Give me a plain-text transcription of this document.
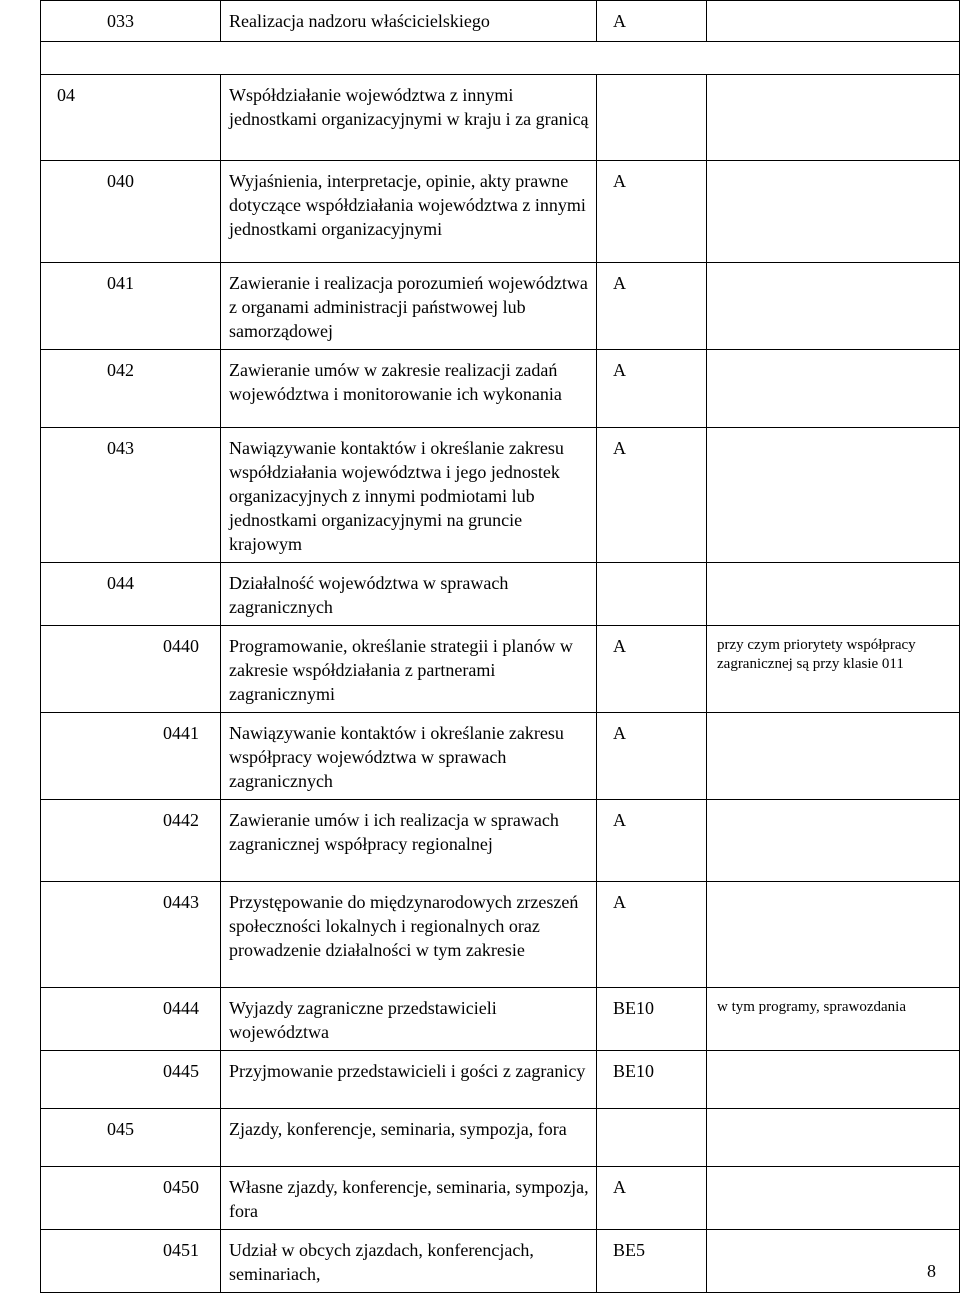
033	Realizacja nadzoru właścicielskiego	A	

04	Współdziałanie województwa z innymi jednostkami organizacyjnymi w kraju i za granicą		
040	Wyjaśnienia, interpretacje, opinie, akty prawne dotyczące współdziałania województwa z innymi jednostkami organizacyjnymi	A	
041	Zawieranie i realizacja porozumień województwa z organami administracji państwowej lub samorządowej	A	
042	Zawieranie umów w zakresie realizacji zadań województwa i monitorowanie ich wykonania	A	
043	Nawiązywanie kontaktów i określanie zakresu współdziałania województwa i jego jednostek organizacyjnych z innymi podmiotami lub jednostkami organizacyjnymi na gruncie krajowym	A	
044	Działalność województwa w sprawach zagranicznych		
0440	Programowanie, określanie strategii i planów w zakresie współdziałania z partnerami zagranicznymi	A	przy czym priorytety współpracy zagranicznej są przy klasie 011
0441	Nawiązywanie kontaktów i określanie zakresu współpracy województwa w sprawach zagranicznych	A	
0442	Zawieranie umów i ich realizacja w sprawach zagranicznej współpracy regionalnej	A	
0443	Przystępowanie do międzynarodowych zrzeszeń społeczności lokalnych i regionalnych oraz prowadzenie działalności w tym zakresie	A	
0444	Wyjazdy zagraniczne przedstawicieli województwa	BE10	w tym programy, sprawozdania
0445	Przyjmowanie przedstawicieli i gości z zagranicy	BE10	
045	Zjazdy, konferencje, seminaria, sympozja, fora		
0450	Własne zjazdy, konferencje, seminaria, sympozja, fora	A	
0451	Udział w obcych zjazdach, konferencjach, seminariach,	BE5	
8
